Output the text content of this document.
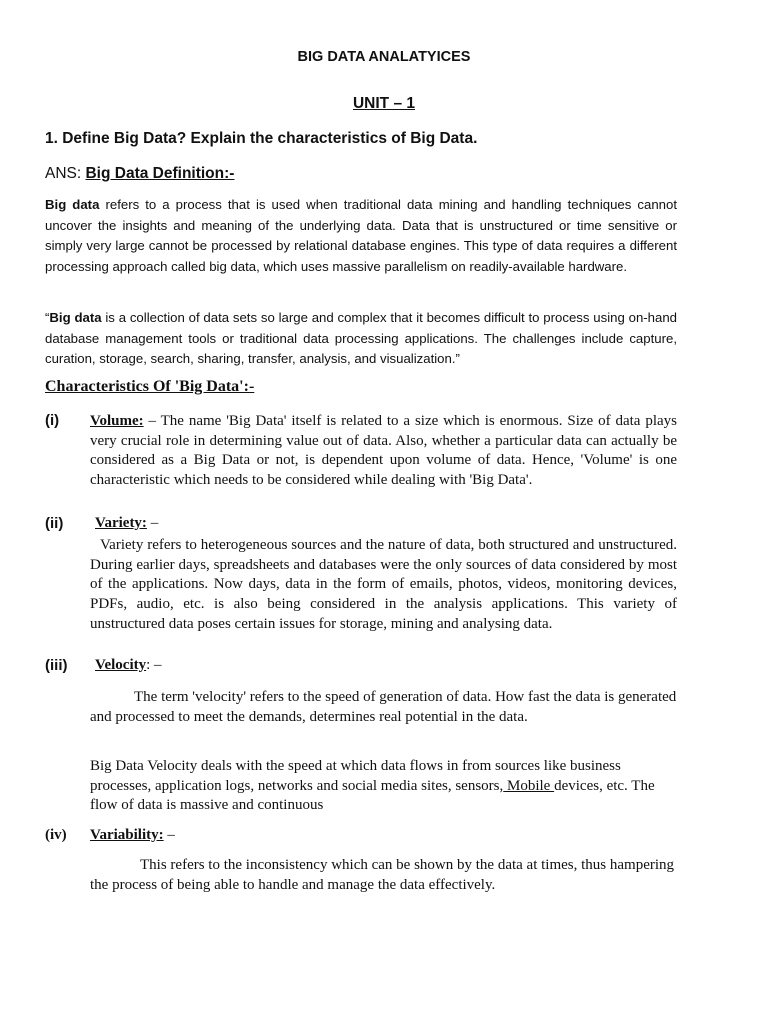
BIG DATA ANALATYICES
UNIT – 1
1. Define Big Data? Explain the characteristics of Big Data.
ANS: Big Data Definition:-
Big data refers to a process that is used when traditional data mining and handling techniques cannot uncover the insights and meaning of the underlying data. Data that is unstructured or time sensitive or simply very large cannot be processed by relational database engines. This type of data requires a different processing approach called big data, which uses massive parallelism on readily-available hardware.
“Big data is a collection of data sets so large and complex that it becomes difficult to process using on-hand database management tools or traditional data processing applications. The challenges include capture, curation, storage, search, sharing, transfer, analysis, and visualization.”
Characteristics Of 'Big Data':-
(i) Volume: – The name 'Big Data' itself is related to a size which is enormous. Size of data plays very crucial role in determining value out of data. Also, whether a particular data can actually be considered as a Big Data or not, is dependent upon volume of data. Hence, 'Volume' is one characteristic which needs to be considered while dealing with 'Big Data'.
(ii) Variety: –
Variety refers to heterogeneous sources and the nature of data, both structured and unstructured. During earlier days, spreadsheets and databases were the only sources of data considered by most of the applications. Now days, data in the form of emails, photos, videos, monitoring devices, PDFs, audio, etc. is also being considered in the analysis applications. This variety of unstructured data poses certain issues for storage, mining and analysing data.
(iii) Velocity: –
The term 'velocity' refers to the speed of generation of data. How fast the data is generated and processed to meet the demands, determines real potential in the data.
Big Data Velocity deals with the speed at which data flows in from sources like business processes, application logs, networks and social media sites, sensors, Mobile devices, etc. The flow of data is massive and continuous
(iv) Variability: –
This refers to the inconsistency which can be shown by the data at times, thus hampering the process of being able to handle and manage the data effectively.
